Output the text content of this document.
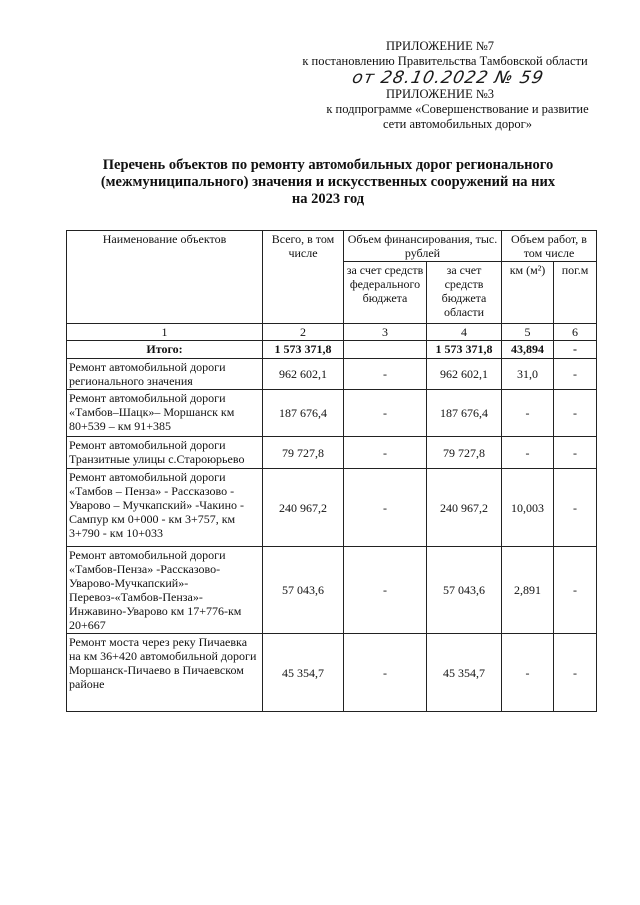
ПРИЛОЖЕНИЕ №7
к постановлению Правительства Тамбовской области
от 28.10.2022 № 59
ПРИЛОЖЕНИЕ №3
к подпрограмме «Совершенствование и развитие
сети автомобильных дорог»
Перечень объектов по ремонту автомобильных дорог регионального
(межмуниципального) значения и искусственных сооружений на них
на 2023 год
Наименование объектов	Всего, в том числе	Объем финансирования, тыс. рублей		Объем работ, в том числе	
		за счет средств федерального бюджета	за счет средств бюджета области	км (м²)	пог.м
1	2	3	4	5	6
Итого:	1 573 371,8		1 573 371,8	43,894	-
Ремонт автомобильной дороги регионального значения	962 602,1	-	962 602,1	31,0	-
Ремонт автомобильной дороги «Тамбов–Шацк»– Моршанск км 80+539 – км 91+385	187 676,4	-	187 676,4	-	-
Ремонт автомобильной дороги Транзитные улицы с.Староюрьево	79 727,8	-	79 727,8	-	-
Ремонт автомобильной дороги «Тамбов – Пенза» - Рассказово - Уварово – Мучкапский» -Чакино - Сампур км 0+000 - км 3+757, км 3+790 - км 10+033	240 967,2	-	240 967,2	10,003	-
Ремонт автомобильной дороги «Тамбов-Пенза» -Рассказово-Уварово-Мучкапский»-Перевоз-«Тамбов-Пенза»-Инжавино-Уварово км 17+776-км 20+667	57 043,6	-	57 043,6	2,891	-
Ремонт моста через реку Пичаевка на км 36+420 автомобильной дороги Моршанск-Пичаево в Пичаевском районе	45 354,7	-	45 354,7	-	-
